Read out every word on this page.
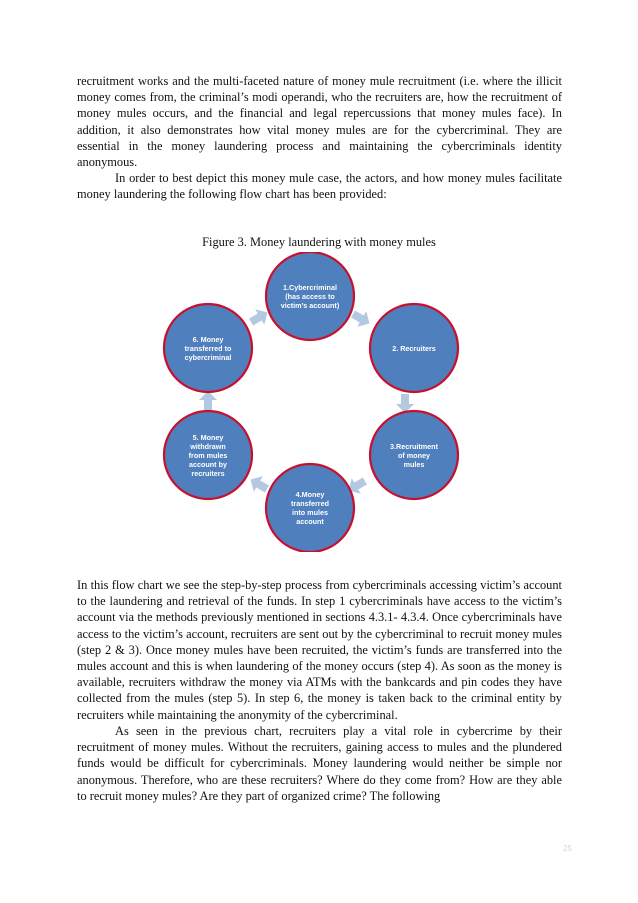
recruitment works and the multi-faceted nature of money mule recruitment (i.e. where the illicit money comes from, the criminal’s modi operandi, who the recruiters are, how the recruitment of money mules occurs, and the financial and legal repercussions that money mules face). In addition, it also demonstrates how vital money mules are for the cybercriminal. They are essential in the money laundering process and maintaining the cybercriminals identity anonymous.

In order to best depict this money mule case, the actors, and how money mules facilitate money laundering the following flow chart has been provided:

Figure 3. Money laundering with money mules
1.Cybercriminal
(has access to
victim’s account)
2. Recruiters
3.Recruitment
of money
mules
4.Money
transferred
into mules
account
5. Money
withdrawn
from mules
account by
recruiters
6. Money
transferred to
cybercriminal

In this flow chart we see the step-by-step process from cybercriminals accessing victim’s account to the laundering and retrieval of the funds. In step 1 cybercriminals have access to the victim’s account via the methods previously mentioned in sections 4.3.1- 4.3.4. Once cybercriminals have access to the victim’s account, recruiters are sent out by the cybercriminal to recruit money mules (step 2 & 3). Once money mules have been recruited, the victim’s funds are transferred into the mules account and this is when laundering of the money occurs (step 4). As soon as the money is available, recruiters withdraw the money via ATMs with the bankcards and pin codes they have collected from the mules (step 5). In step 6, the money is taken back to the criminal entity by recruiters while maintaining the anonymity of the cybercriminal.

As seen in the previous chart, recruiters play a vital role in cybercrime by their recruitment of money mules. Without the recruiters, gaining access to mules and the plundered funds would be difficult for cybercriminals. Money laundering would neither be simple nor anonymous. Therefore, who are these recruiters? Where do they come from? How are they able to recruit money mules? Are they part of organized crime? The following

25
